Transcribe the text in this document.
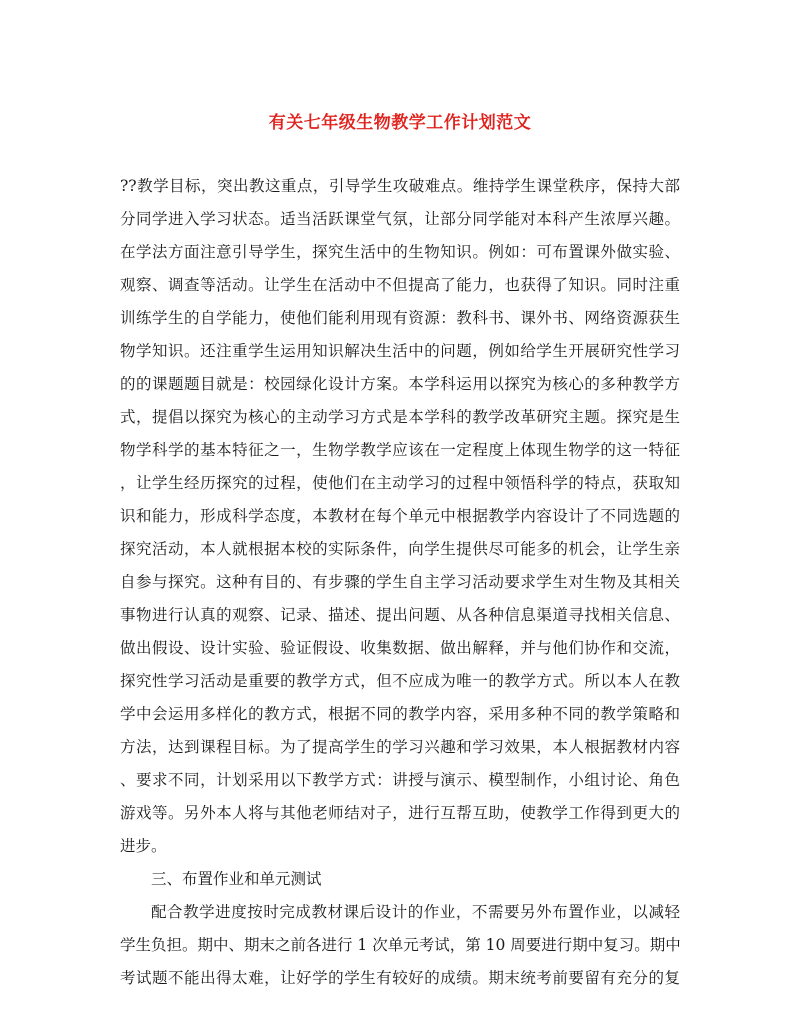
有关七年级生物教学工作计划范文
??教学目标，突出教这重点，引导学生攻破难点。维持学生课堂秩序，保持大部
分同学进入学习状态。适当活跃课堂气氛，让部分同学能对本科产生浓厚兴趣。
在学法方面注意引导学生，探究生活中的生物知识。例如：可布置课外做实验、
观察、调查等活动。让学生在活动中不但提高了能力，也获得了知识。同时注重
训练学生的自学能力，使他们能利用现有资源：教科书、课外书、网络资源获生
物学知识。还注重学生运用知识解决生活中的问题，例如给学生开展研究性学习
的的课题题目就是：校园绿化设计方案。本学科运用以探究为核心的多种教学方
式，提倡以探究为核心的主动学习方式是本学科的教学改革研究主题。探究是生
物学科学的基本特征之一，生物学教学应该在一定程度上体现生物学的这一特征
，让学生经历探究的过程，使他们在主动学习的过程中领悟科学的特点，获取知
识和能力，形成科学态度，本教材在每个单元中根据教学内容设计了不同选题的
探究活动，本人就根据本校的实际条件，向学生提供尽可能多的机会，让学生亲
自参与探究。这种有目的、有步骤的学生自主学习活动要求学生对生物及其相关
事物进行认真的观察、记录、描述、提出问题、从各种信息渠道寻找相关信息、
做出假设、设计实验、验证假设、收集数据、做出解释，并与他们协作和交流，
探究性学习活动是重要的教学方式，但不应成为唯一的教学方式。所以本人在教
学中会运用多样化的教方式，根据不同的教学内容，采用多种不同的教学策略和
方法，达到课程目标。为了提高学生的学习兴趣和学习效果，本人根据教材内容
、要求不同，计划采用以下教学方式：讲授与演示、模型制作，小组讨论、角色
游戏等。另外本人将与其他老师结对子，进行互帮互助，使教学工作得到更大的
进步。
三、布置作业和单元测试
配合教学进度按时完成教材课后设计的作业，不需要另外布置作业，以减轻
学生负担。期中、期末之前各进行 1 次单元考试，第 10 周要进行期中复习。期中
考试题不能出得太难，让好学的学生有较好的成绩。期末统考前要留有充分的复
